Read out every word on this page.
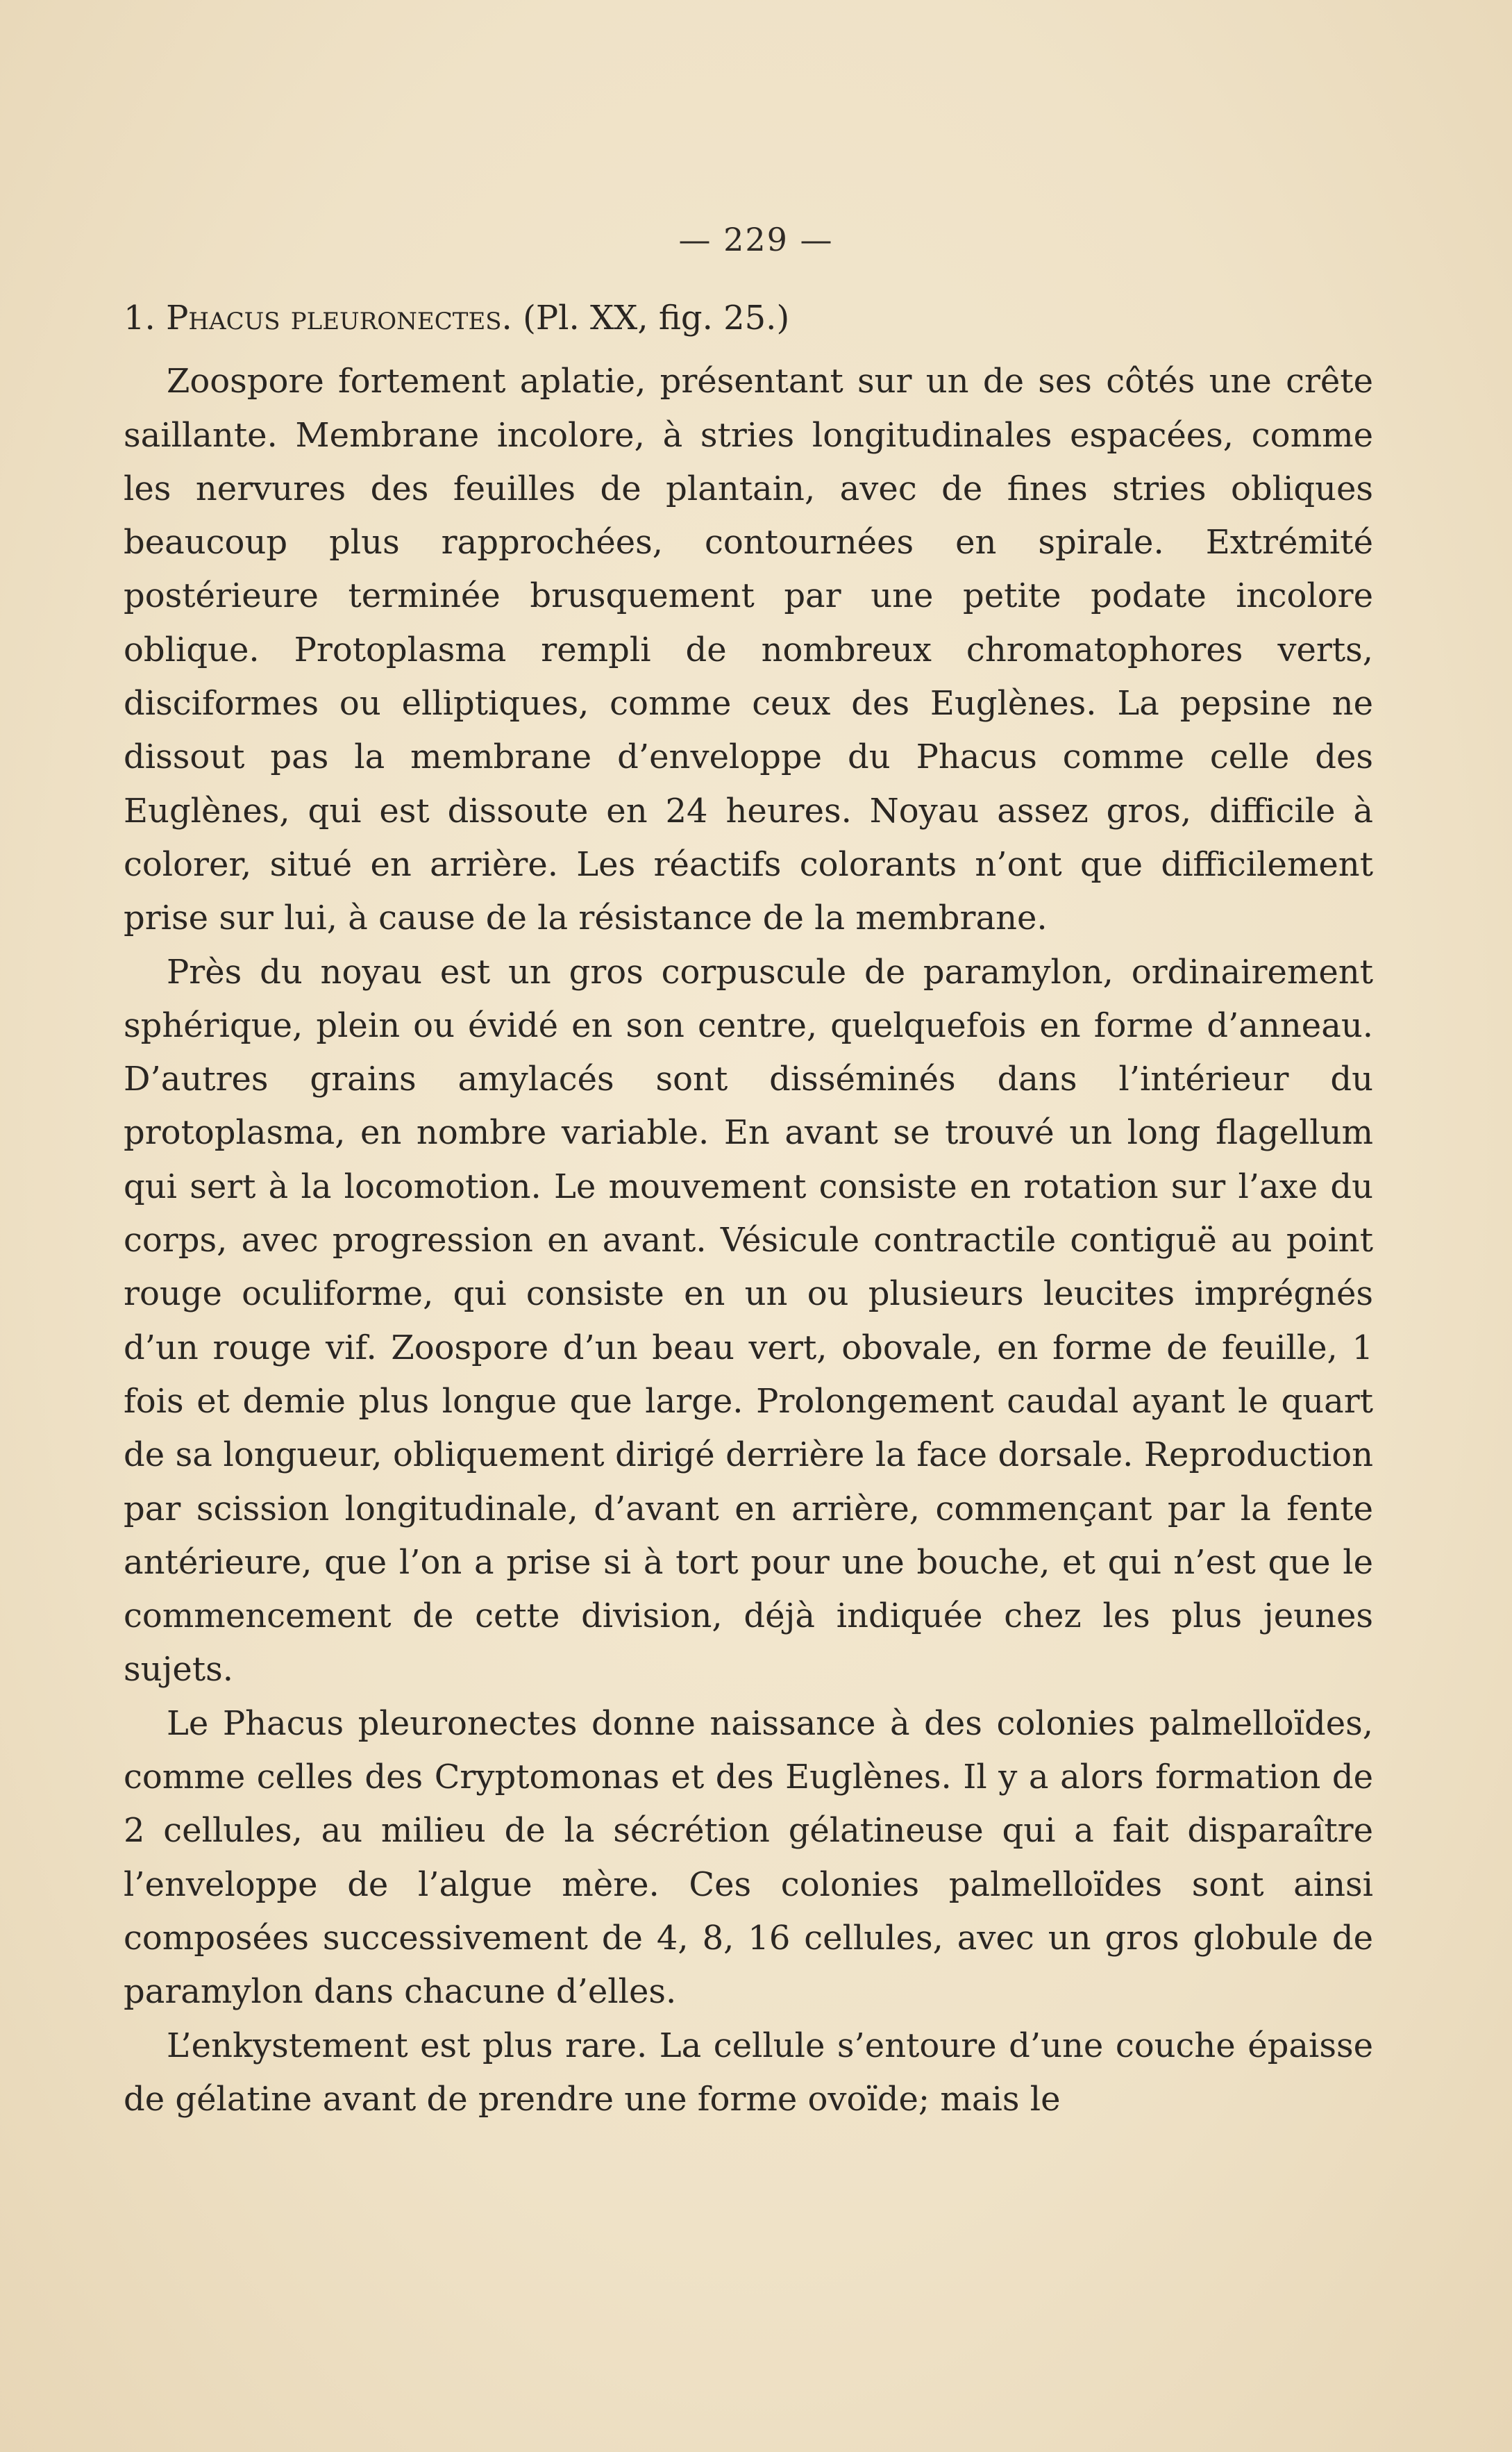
— 229 —

1. Phacus pleuronectes. (Pl. XX, fig. 25.)

Zoospore fortement aplatie, présentant sur un de ses côtés une crête saillante. Membrane incolore, à stries longitudinales espacées, comme les nervures des feuilles de plantain, avec de fines stries obliques beaucoup plus rapprochées, contournées en spirale. Extrémité postérieure terminée brusquement par une petite podate incolore oblique. Protoplasma rempli de nombreux chromatophores verts, disciformes ou elliptiques, comme ceux des Euglènes. La pepsine ne dissout pas la membrane d’enveloppe du Phacus comme celle des Euglènes, qui est dissoute en 24 heures. Noyau assez gros, difficile à colorer, situé en arrière. Les réactifs colorants n’ont que difficilement prise sur lui, à cause de la résistance de la membrane.

Près du noyau est un gros corpuscule de paramylon, ordinairement sphérique, plein ou évidé en son centre, quelquefois en forme d’anneau. D’autres grains amylacés sont disséminés dans l’intérieur du protoplasma, en nombre variable. En avant se trouvé un long flagellum qui sert à la locomotion. Le mouvement consiste en rotation sur l’axe du corps, avec progression en avant. Vésicule contractile contiguë au point rouge oculiforme, qui consiste en un ou plusieurs leucites imprégnés d’un rouge vif. Zoospore d’un beau vert, obovale, en forme de feuille, 1 fois et demie plus longue que large. Prolongement caudal ayant le quart de sa longueur, obliquement dirigé derrière la face dorsale. Reproduction par scission longitudinale, d’avant en arrière, commençant par la fente antérieure, que l’on a prise si à tort pour une bouche, et qui n’est que le commencement de cette division, déjà indiquée chez les plus jeunes sujets.

Le Phacus pleuronectes donne naissance à des colonies palmelloïdes, comme celles des Cryptomonas et des Euglènes. Il y a alors formation de 2 cellules, au milieu de la sécrétion gélatineuse qui a fait disparaître l’enveloppe de l’algue mère. Ces colonies palmelloïdes sont ainsi composées successivement de 4, 8, 16 cellules, avec un gros globule de paramylon dans chacune d’elles.

L’enkystement est plus rare. La cellule s’entoure d’une couche épaisse de gélatine avant de prendre une forme ovoïde; mais le
